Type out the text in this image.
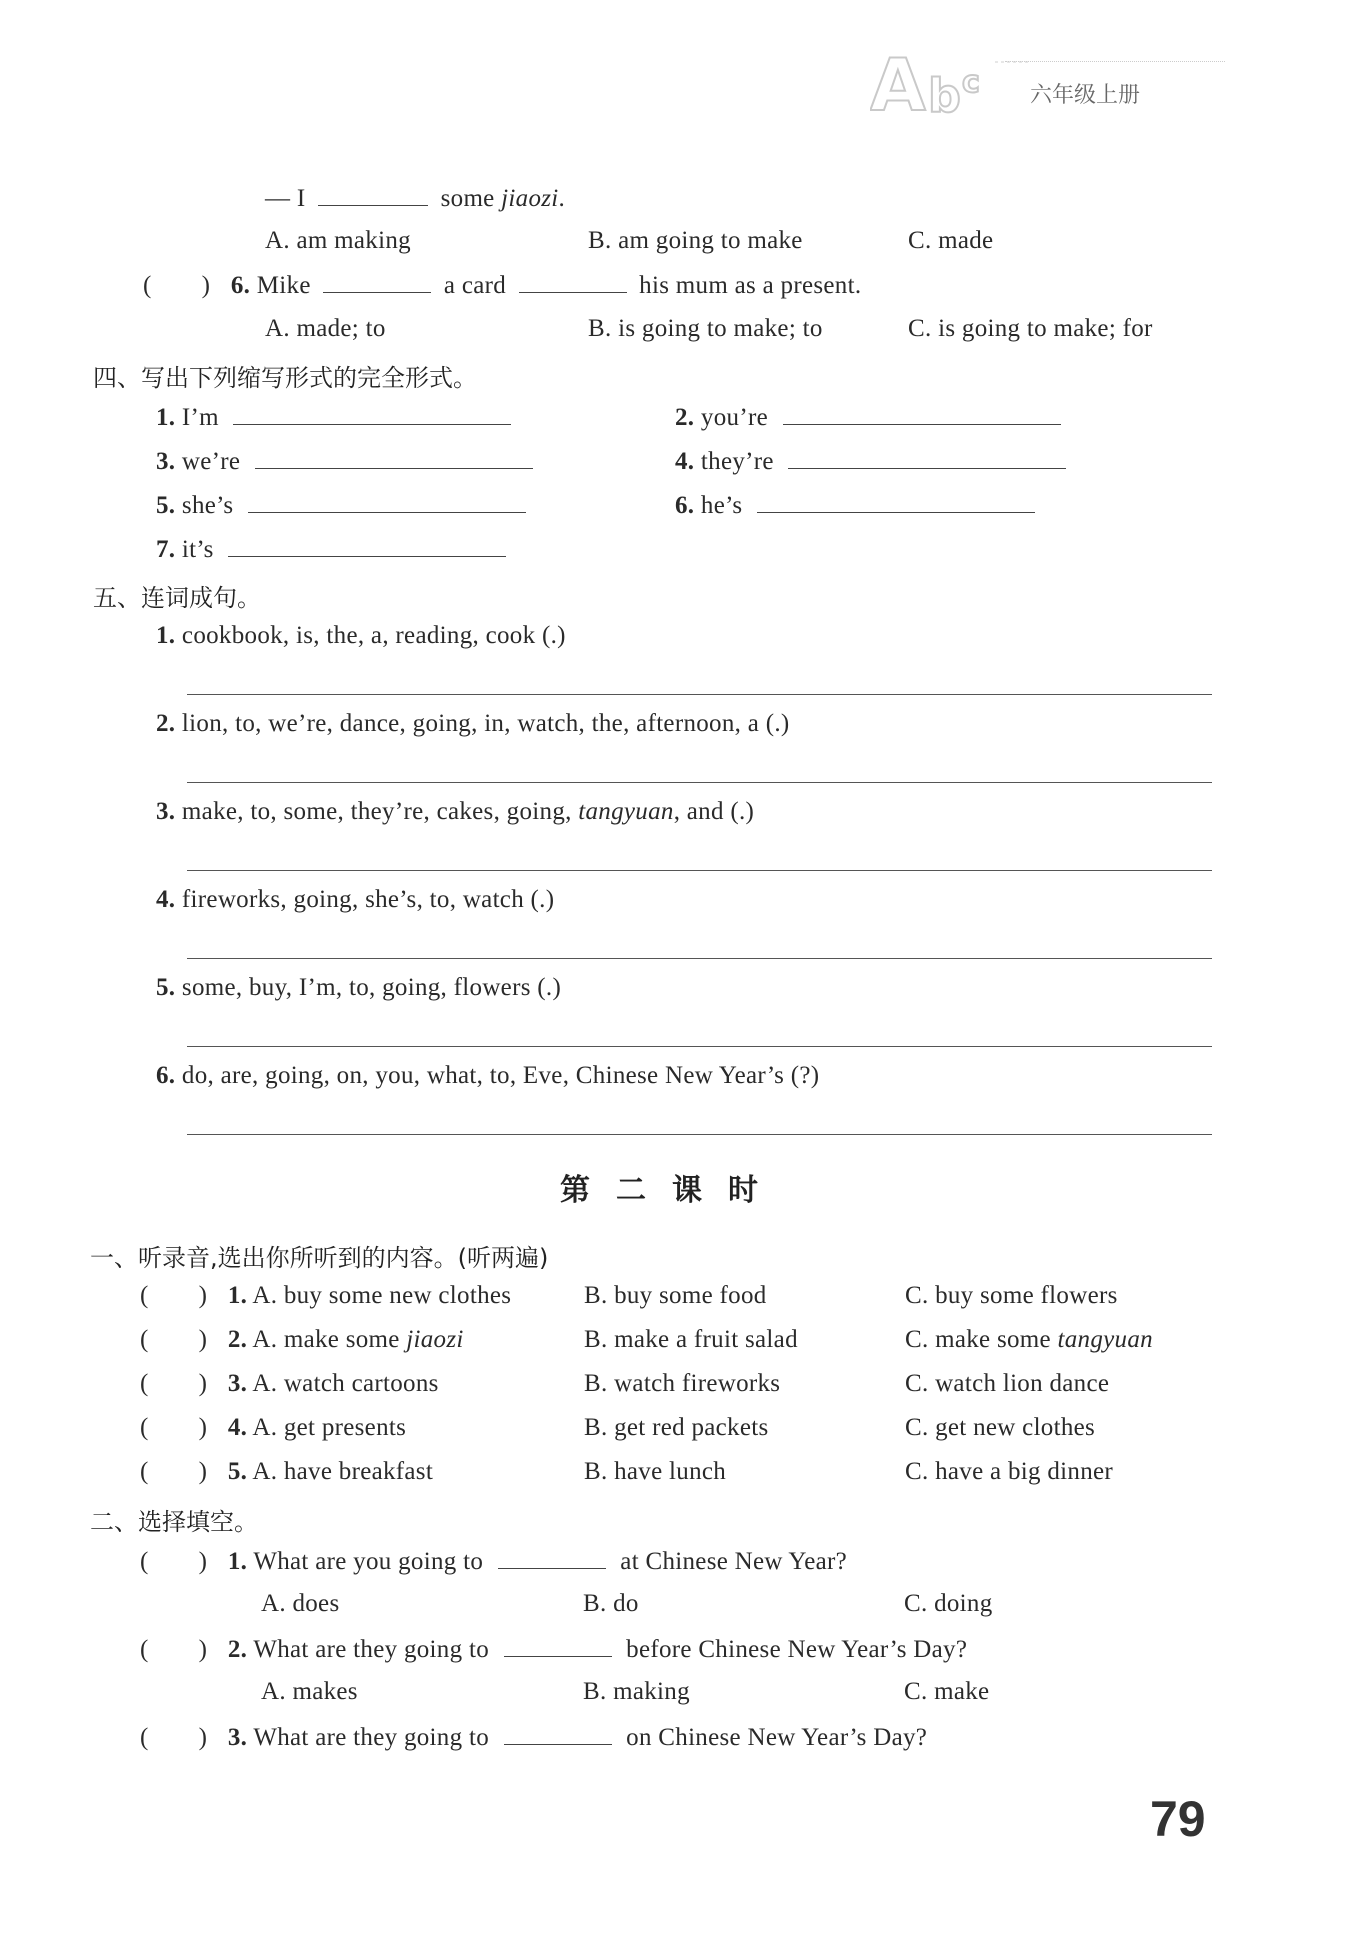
A b c 六年级上册
— I	some jiaozi.
A. am making	B. am going to make	C. made
( ) 6. Mike	a card	his mum as a present.
A. made; to	B. is going to make; to	C. is going to make; for
四、写出下列缩写形式的完全形式。
1. I’m	2. you’re
3. we’re	4. they’re
5. she’s	6. he’s
7. it’s
五、连词成句。
1. cookbook, is, the, a, reading, cook (.)
2. lion, to, we’re, dance, going, in, watch, the, afternoon, a (.)
3. make, to, some, they’re, cakes, going, tangyuan, and (.)
4. fireworks, going, she’s, to, watch (.)
5. some, buy, I’m, to, going, flowers (.)
6. do, are, going, on, you, what, to, Eve, Chinese New Year’s (?)
第二课时
一、听录音,选出你所听到的内容。(听两遍)
( ) 1. A. buy some new clothes	B. buy some food	C. buy some flowers
( ) 2. A. make some jiaozi	B. make a fruit salad	C. make some tangyuan
( ) 3. A. watch cartoons	B. watch fireworks	C. watch lion dance
( ) 4. A. get presents	B. get red packets	C. get new clothes
( ) 5. A. have breakfast	B. have lunch	C. have a big dinner
二、选择填空。
( ) 1. What are you going to	at Chinese New Year?
A. does	B. do	C. doing
( ) 2. What are they going to	before Chinese New Year’s Day?
A. makes	B. making	C. make
( ) 3. What are they going to	on Chinese New Year’s Day?
79
